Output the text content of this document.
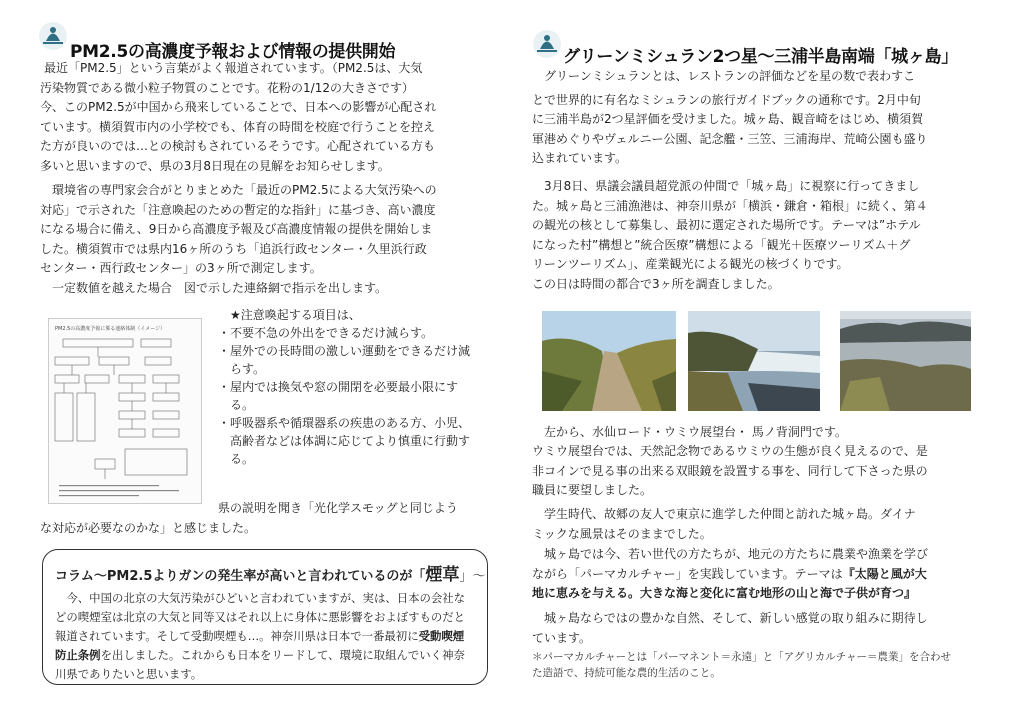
PM2.5の高濃度予報および情報の提供開始

最近「PM2.5」という言葉がよく報道されています。（PM2.5は、大気

汚染物質である微小粒子物質のことです。花粉の1/12の大きさです）

今、このPM2.5が中国から飛来していることで、日本への影響が心配され

ています。横須賀市内の小学校でも、体育の時間を校庭で行うことを控え

た方が良いのでは…との検討もされているそうです。心配されている方も

多いと思いますので、県の3月8日現在の見解をお知らせします。

環境省の専門家会合がとりまとめた「最近のPM2.5による大気汚染への

対応」で示された「注意喚起のための暫定的な指針」に基づき、高い濃度

になる場合に備え、9日から高濃度予報及び高濃度情報の提供を開始しま

した。横須賀市では県内16ヶ所のうち「追浜行政センター・久里浜行政

センター・西行政センター」の3ヶ所で測定します。

一定数値を越えた場合　図で示した連絡網で指示を出します。

PM2.5の高濃度予報に係る連絡体制（イメージ）
★注意喚起する項目は、
・不要不急の外出をできるだけ減らす。
・屋外での長時間の激しい運動をできるだけ減らす。
・屋内では換気や窓の開閉を必要最小限にする。
・呼吸器系や循環器系の疾患のある方、小児、高齢者などは体調に応じてより慎重に行動する。

県の説明を聞き「光化学スモッグと同じよう

な対応が必要なのかな」と感じました。

コラム～PM2.5よりガンの発生率が高いと言われているのが「煙草」～
今、中国の北京の大気汚染がひどいと言われていますが、実は、日本の会社などの喫煙室は北京の大気と同等又はそれ以上に身体に悪影響をおよぼすものだと報道されています。そして受動喫煙も…。神奈川県は日本で一番最初に受動喫煙防止条例を出しました。これからも日本をリードして、環境に取組んでいく神奈川県でありたいと思います。
グリーンミシュラン2つ星～三浦半島南端「城ヶ島」

グリーンミシュランとは、レストランの評価などを星の数で表わすこ

とで世界的に有名なミシュランの旅行ガイドブックの通称です。2月中旬

に三浦半島が2つ星評価を受けました。城ヶ島、観音崎をはじめ、横須賀

軍港めぐりやヴェルニー公園、記念艦・三笠、三浦海岸、荒崎公園も盛り

込まれています。

3月8日、県議会議員超党派の仲間で「城ヶ島」に視察に行ってきまし

た。城ヶ島と三浦漁港は、神奈川県が「横浜・鎌倉・箱根」に続く、第４

の観光の核として募集し、最初に選定された場所です。テーマは”ホテル

になった村”構想と”統合医療”構想による「観光＋医療ツーリズム＋グ

リーンツーリズム」、産業観光による観光の核づくりです。

この日は時間の都合で3ヶ所を調査しました。

左から、水仙ロード・ウミウ展望台・ 馬ノ背洞門です。

ウミウ展望台では、天然記念物であるウミウの生態が良く見えるので、是

非コインで見る事の出来る双眼鏡を設置する事を、同行して下さった県の

職員に要望しました。

学生時代、故郷の友人で東京に進学した仲間と訪れた城ヶ島。ダイナ

ミックな風景はそのままでした。

城ヶ島では今、若い世代の方たちが、地元の方たちに農業や漁業を学び

ながら「パーマカルチャー」を実践しています。テーマは『太陽と風が大

地に恵みを与える。大きな海と変化に富む地形の山と海で子供が育つ』

城ヶ島ならではの豊かな自然、そして、新しい感覚の取り組みに期待し

ています。

＊パーマカルチャーとは「パーマネント＝永遠」と「アグリカルチャー＝農業」を合わせ

た造語で、持続可能な農的生活のこと。
